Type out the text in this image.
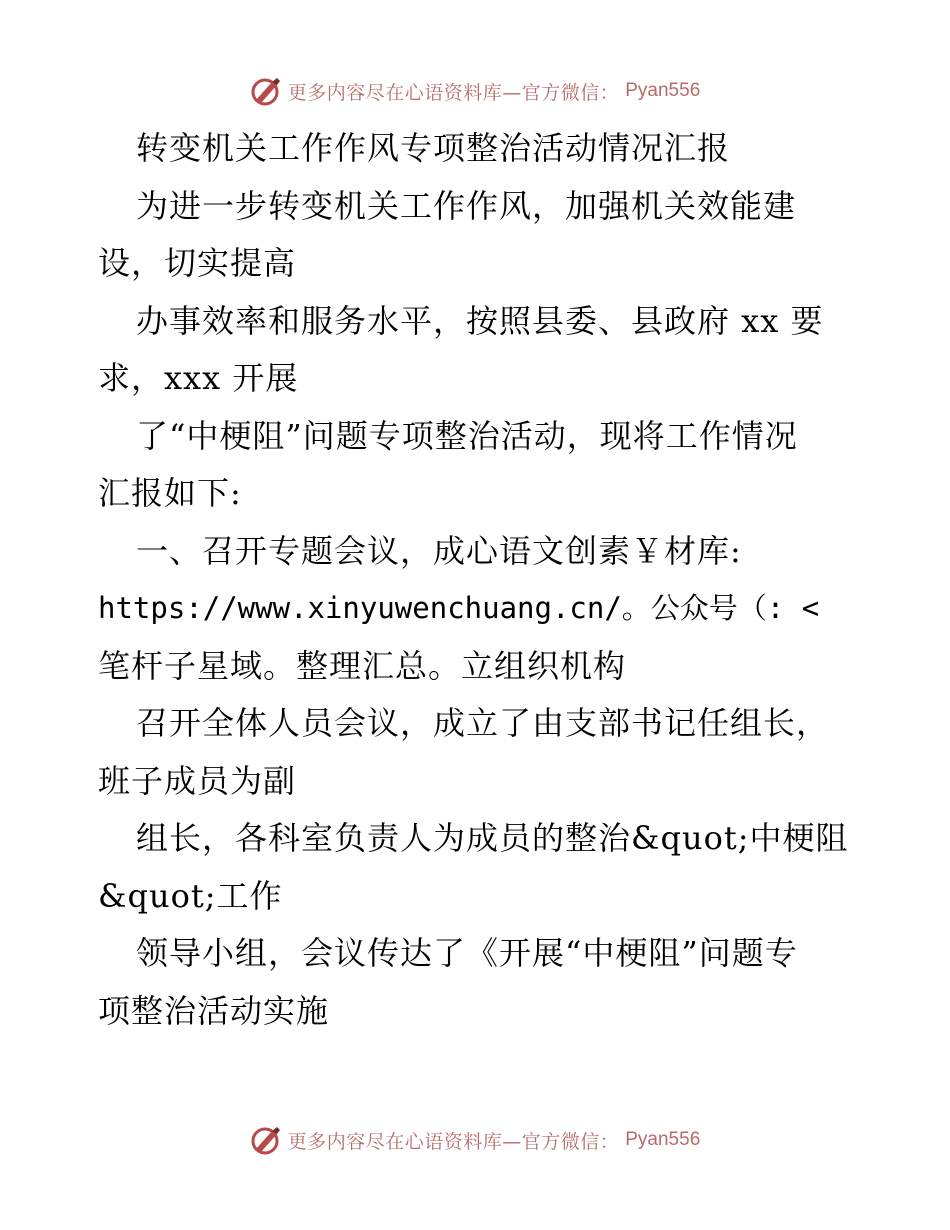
更多内容尽在心语资料库—官方微信： Pyan556
转变机关工作作风专项整治活动情况汇报
为进一步转变机关工作作风，加强机关效能建
设，切实提高
办事效率和服务水平，按照县委、县政府 xx 要
求，xxx 开展
了“中梗阻”问题专项整治活动，现将工作情况
汇报如下:
一、召开专题会议，成心语文创素￥材库:
https://www.xinyuwenchuang.cn/。公众号（: <
笔杆子星域。整理汇总。立组织机构
召开全体人员会议，成立了由支部书记任组长，
班子成员为副
组长，各科室负责人为成员的整治&quot;中梗阻
&quot;工作
领导小组，会议传达了《开展“中梗阻”问题专
项整治活动实施
更多内容尽在心语资料库—官方微信： Pyan556
